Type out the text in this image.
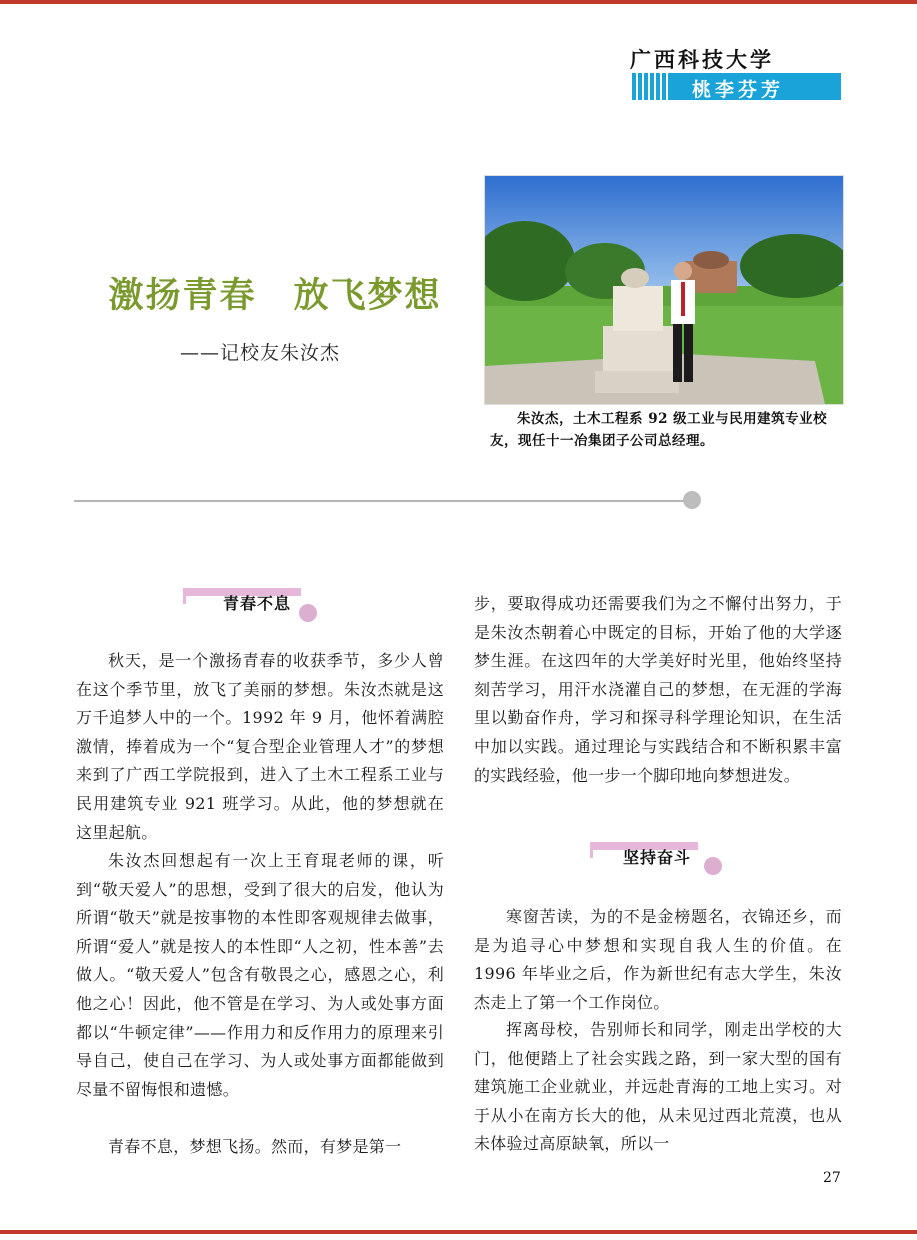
广西科技大学
桃李芬芳
激扬青春　放飞梦想
——记校友朱汝杰
朱汝杰，土木工程系 92 级工业与民用建筑专业校友，现任十一冶集团子公司总经理。
青春不息
秋天，是一个激扬青春的收获季节，多少人曾在这个季节里，放飞了美丽的梦想。朱汝杰就是这万千追梦人中的一个。1992 年 9 月，他怀着满腔激情，捧着成为一个“复合型企业管理人才”的梦想来到了广西工学院报到，进入了土木工程系工业与民用建筑专业 921 班学习。从此，他的梦想就在这里起航。
朱汝杰回想起有一次上王育琨老师的课，听到“敬天爱人”的思想，受到了很大的启发，他认为所谓“敬天”就是按事物的本性即客观规律去做事，所谓“爱人”就是按人的本性即“人之初，性本善”去做人。“敬天爱人”包含有敬畏之心，感恩之心，利他之心！因此，他不管是在学习、为人或处事方面都以“牛顿定律”——作用力和反作用力的原理来引导自己，使自己在学习、为人或处事方面都能做到尽量不留悔恨和遗憾。
青春不息，梦想飞扬。然而，有梦是第一
步，要取得成功还需要我们为之不懈付出努力，于是朱汝杰朝着心中既定的目标，开始了他的大学逐梦生涯。在这四年的大学美好时光里，他始终坚持刻苦学习，用汗水浇灌自己的梦想，在无涯的学海里以勤奋作舟，学习和探寻科学理论知识，在生活中加以实践。通过理论与实践结合和不断积累丰富的实践经验，他一步一个脚印地向梦想进发。
坚持奋斗
寒窗苦读，为的不是金榜题名，衣锦还乡，而是为追寻心中梦想和实现自我人生的价值。在 1996 年毕业之后，作为新世纪有志大学生，朱汝杰走上了第一个工作岗位。
挥离母校，告别师长和同学，刚走出学校的大门，他便踏上了社会实践之路，到一家大型的国有建筑施工企业就业，并远赴青海的工地上实习。对于从小在南方长大的他，从未见过西北荒漠，也从未体验过高原缺氧，所以一
27
